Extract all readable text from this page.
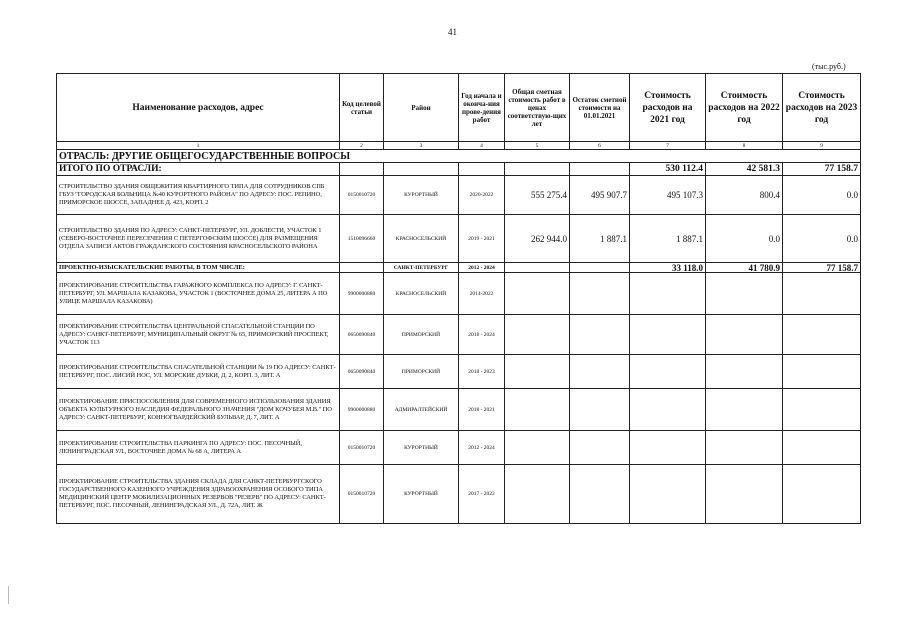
41
(тыс.руб.)
Наименование расходов, адрес	Код целевой статьи	Район	Год начала и оконча-ния прове-дения работ	Общая сметная стоимость работ в ценах соответствую-щих лет	Остаток сметной стоимости на 01.01.2021	Стоимость расходов на 2021 год	Стоимость расходов на 2022 год	Стоимость расходов на 2023 год
1	2	3	4	5	6	7	8	9
ОТРАСЛЬ: ДРУГИЕ ОБЩЕГОСУДАРСТВЕННЫЕ ВОПРОСЫ								
ИТОГО ПО ОТРАСЛИ:						530 112.4	42 581.3	77 158.7
СТРОИТЕЛЬСТВО ЗДАНИЯ ОБЩЕЖИТИЯ КВАРТИРНОГО ТИПА ДЛЯ СОТРУДНИКОВ СПБ ГБУЗ "ГОРОДСКАЯ БОЛЬНИЦА №40 КУРОРТНОГО РАЙОНА" ПО АДРЕСУ: ПОС. РЕПИНО, ПРИМОРСКОЕ ШОССЕ, ЗАПАДНЕЕ Д. 423, КОРП. 2	0150010720	КУРОРТНЫЙ	2020-2022	555 275.4	495 907.7	495 107.3	800.4	0.0
СТРОИТЕЛЬСТВО ЗДАНИЯ ПО АДРЕСУ: САНКТ-ПЕТЕРБУРГ, УЛ. ДОБЛЕСТИ, УЧАСТОК 1 (СЕВЕРО-ВОСТОЧНЕЕ ПЕРЕСЕЧЕНИЯ С ПЕТЕРГОФСКИМ ШОССЕ) ДЛЯ РАЗМЕЩЕНИЯ ОТДЕЛА ЗАПИСИ АКТОВ ГРАЖДАНСКОГО СОСТОЯНИЯ КРАСНОСЕЛЬСКОГО РАЙОНА	1510096660	КРАСНОСЕЛЬСКИЙ	2019 - 2021	262 944.0	1 887.1	1 887.1	0.0	0.0
ПРОЕКТНО-ИЗЫСКАТЕЛЬСКИЕ РАБОТЫ, В ТОМ ЧИСЛЕ:		САНКТ-ПЕТЕРБУРГ	2012 - 2024			33 118.0	41 780.9	77 158.7
ПРОЕКТИРОВАНИЕ СТРОИТЕЛЬСТВА ГАРАЖНОГО КОМПЛЕКСА ПО АДРЕСУ: Г. САНКТ-ПЕТЕРБУРГ, УЛ. МАРШАЛА КАЗАКОВА, УЧАСТОК 1 (ВОСТОЧНЕЕ ДОМА 25, ЛИТЕРА А ПО УЛИЦЕ МАРШАЛА КАЗАКОВА)	9900000880	КРАСНОСЕЛЬСКИЙ	2014-2022					
ПРОЕКТИРОВАНИЕ СТРОИТЕЛЬСТВА ЦЕНТРАЛЬНОЙ СПАСАТЕЛЬНОЙ СТАНЦИИ ПО АДРЕСУ: САНКТ-ПЕТЕРБУРГ, МУНИЦИПАЛЬНЫЙ ОКРУГ № 65, ПРИМОРСКИЙ ПРОСПЕКТ, УЧАСТОК 113	0650090840	ПРИМОРСКИЙ	2018 - 2024					
ПРОЕКТИРОВАНИЕ СТРОИТЕЛЬСТВА СПАСАТЕЛЬНОЙ СТАНЦИИ № 19 ПО АДРЕСУ: САНКТ-ПЕТЕРБУРГ, ПОС. ЛИСИЙ НОС, УЛ. МОРСКИЕ ДУБКИ, Д. 2, КОРП. 3, ЛИТ. А	0650090840	ПРИМОРСКИЙ	2018 - 2023					
ПРОЕКТИРОВАНИЕ ПРИСПОСОБЛЕНИЯ ДЛЯ СОВРЕМЕННОГО ИСПОЛЬЗОВАНИЯ ЗДАНИЯ ОБЪЕКТА КУЛЬТУРНОГО НАСЛЕДИЯ ФЕДЕРАЛЬНОГО ЗНАЧЕНИЯ "ДОМ КОЧУБЕЯ М.В." ПО АДРЕСУ: САНКТ-ПЕТЕРБУРГ, КОННОГВАРДЕЙСКИЙ БУЛЬВАР, Д. 7, ЛИТ. А	9900000880	АДМИРАЛТЕЙСКИЙ	2018 - 2021					
ПРОЕКТИРОВАНИЕ СТРОИТЕЛЬСТВА ПАРКИНГА ПО АДРЕСУ: ПОС. ПЕСОЧНЫЙ, ЛЕНИНГРАДСКАЯ УЛ., ВОСТОЧНЕЕ ДОМА № 68 А, ЛИТЕРА А	0150010720	КУРОРТНЫЙ	2012 - 2024					
ПРОЕКТИРОВАНИЕ СТРОИТЕЛЬСТВА ЗДАНИЯ СКЛАДА ДЛЯ САНКТ-ПЕТЕРБУРГСКОГО ГОСУДАРСТВЕННОГО КАЗЕННОГО УЧРЕЖДЕНИЯ ЗДРАВООХРАНЕНИЯ ОСОБОГО ТИПА МЕДИЦИНСКИЙ ЦЕНТР МОБИЛИЗАЦИОННЫХ РЕЗЕРВОВ "РЕЗЕРВ" ПО АДРЕСУ: САНКТ-ПЕТЕРБУРГ, ПОС. ПЕСОЧНЫЙ, ЛЕНИНГРАДСКАЯ УЛ., Д. 72А, ЛИТ. Ж	0150010720	КУРОРТНЫЙ	2017 - 2022					
